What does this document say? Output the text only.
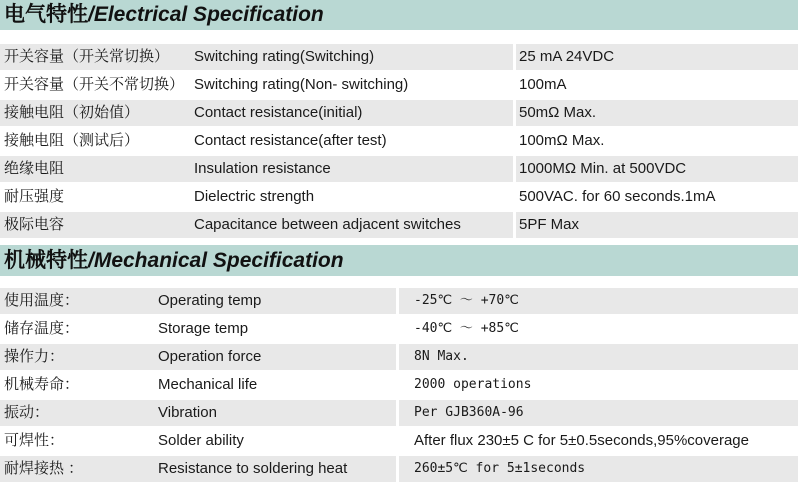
电气特性/Electrical Specification
开关容量（开关常切换）	Switching rating(Switching)	25 mA 24VDC
开关容量（开关不常切换） Switching rating(Non- switching)	100mA
接触电阻（初始值）	Contact resistance(initial)	50mΩ Max.
接触电阻（测试后）	Contact resistance(after test)	100mΩ Max.
绝缘电阻	Insulation resistance	1000MΩ Min. at 500VDC
耐压强度	Dielectric strength	500VAC. for 60 seconds.1mA
极际电容	Capacitance between adjacent switches	5PF Max
机械特性/Mechanical Specification
使用温度：	Operating temp	-25℃ ～ +70℃
储存温度：	Storage temp	-40℃ ～ +85℃
操作力：	Operation force	8N Max.
机械寿命：	Mechanical life	2000 operations
振动：	Vibration	Per GJB360A-96
可焊性：	Solder ability	After flux 230±5 C for 5±0.5seconds,95%coverage
耐焊接热 ：	Resistance to soldering heat	260±5℃ for 5±1seconds
